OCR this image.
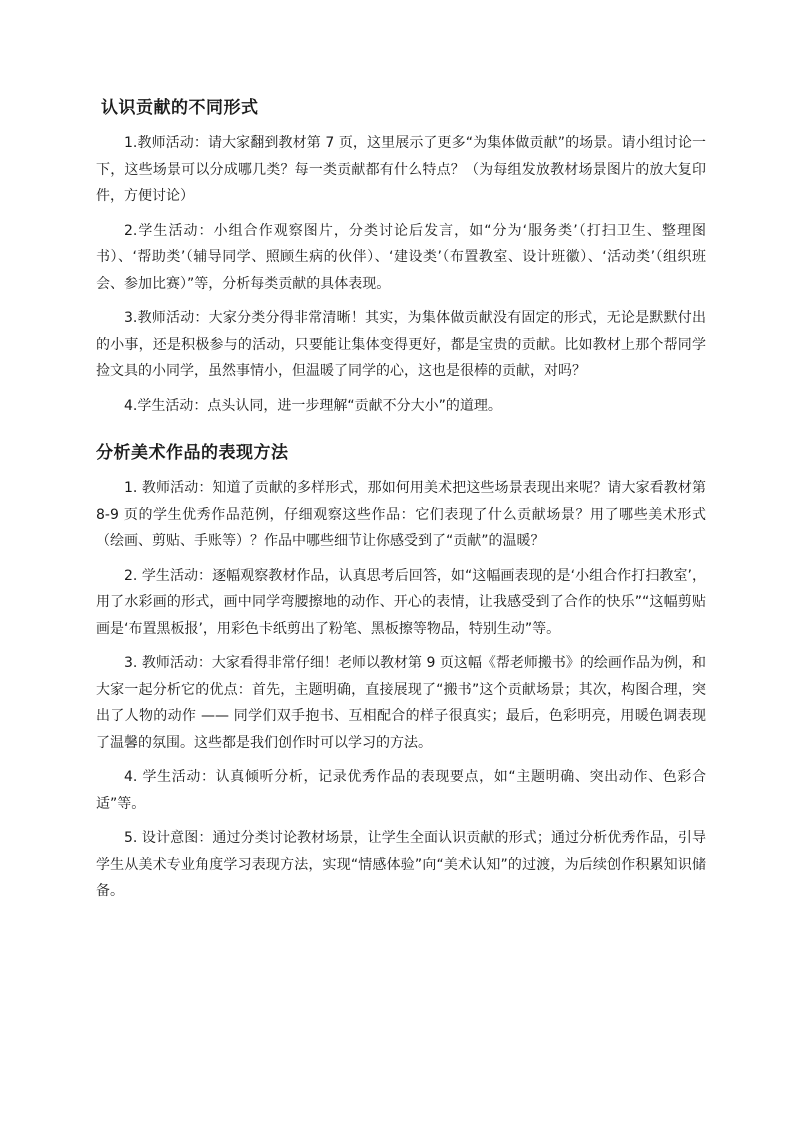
认识贡献的不同形式

1.教师活动：请大家翻到教材第 7 页，这里展示了更多“为集体做贡献”的场景。请小组讨论一下，这些场景可以分成哪几类？每一类贡献都有什么特点？（为每组发放教材场景图片的放大复印件，方便讨论）

2.学生活动：小组合作观察图片，分类讨论后发言，如“分为‘服务类’（打扫卫生、整理图书）、‘帮助类’（辅导同学、照顾生病的伙伴）、‘建设类’（布置教室、设计班徽）、‘活动类’（组织班会、参加比赛）”等，分析每类贡献的具体表现。

3.教师活动：大家分类分得非常清晰！其实，为集体做贡献没有固定的形式，无论是默默付出的小事，还是积极参与的活动，只要能让集体变得更好，都是宝贵的贡献。比如教材上那个帮同学捡文具的小同学，虽然事情小，但温暖了同学的心，这也是很棒的贡献，对吗？

4.学生活动：点头认同，进一步理解“贡献不分大小”的道理。

分析美术作品的表现方法

1. 教师活动：知道了贡献的多样形式，那如何用美术把这些场景表现出来呢？请大家看教材第 8-9 页的学生优秀作品范例，仔细观察这些作品：它们表现了什么贡献场景？用了哪些美术形式（绘画、剪贴、手账等）？作品中哪些细节让你感受到了“贡献”的温暖？

2. 学生活动：逐幅观察教材作品，认真思考后回答，如“这幅画表现的是‘小组合作打扫教室’，用了水彩画的形式，画中同学弯腰擦地的动作、开心的表情，让我感受到了合作的快乐”“这幅剪贴画是‘布置黑板报’，用彩色卡纸剪出了粉笔、黑板擦等物品，特别生动”等。

3. 教师活动：大家看得非常仔细！老师以教材第 9 页这幅《帮老师搬书》的绘画作品为例，和大家一起分析它的优点：首先，主题明确，直接展现了“搬书”这个贡献场景；其次，构图合理，突出了人物的动作 —— 同学们双手抱书、互相配合的样子很真实；最后，色彩明亮，用暖色调表现了温馨的氛围。这些都是我们创作时可以学习的方法。

4. 学生活动：认真倾听分析，记录优秀作品的表现要点，如“主题明确、突出动作、色彩合适”等。

5. 设计意图：通过分类讨论教材场景，让学生全面认识贡献的形式；通过分析优秀作品，引导学生从美术专业角度学习表现方法，实现“情感体验”向“美术认知”的过渡，为后续创作积累知识储备。
